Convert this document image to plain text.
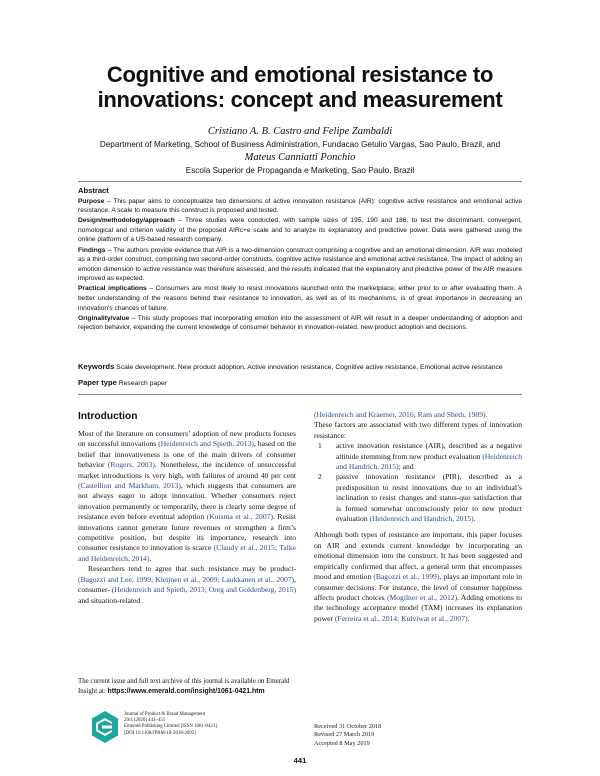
Cognitive and emotional resistance to
innovations: concept and measurement
Cristiano A. B. Castro and Felipe Zambaldi
Department of Marketing, School of Business Administration, Fundacao Getulio Vargas, Sao Paulo, Brazil, and
Mateus Canniatti Ponchio
Escola Superior de Propaganda e Marketing, Sao Paulo, Brazil
Abstract

Purpose – This paper aims to conceptualize two dimensions of active innovation resistance (AIR): cognitive active resistance and emotional active resistance. A scale to measure this construct is proposed and tested.

Design/methodology/approach – Three studies were conducted, with sample sizes of 195, 190 and 186, to test the discriminant, convergent, nomological and criterion validity of the proposed AIRc+e scale and to analyze its explanatory and predictive power. Data were gathered using the online platform of a US-based research company.

Findings – The authors provide evidence that AIR is a two-dimension construct comprising a cognitive and an emotional dimension. AIR was modeled as a third-order construct, comprising two second-order constructs, cognitive active resistance and emotional active resistance. The impact of adding an emotion dimension to active resistance was therefore assessed, and the results indicated that the explanatory and predictive power of the AIR measure improved as expected.

Practical implications – Consumers are most likely to resist innovations launched onto the marketplace, either prior to or after evaluating them. A better understanding of the reasons behind their resistance to innovation, as well as of its mechanisms, is of great importance in decreasing an innovation’s chances of failure.

Originality/value – This study proposes that incorporating emotion into the assessment of AIR will result in a deeper understanding of adoption and rejection behavior, expanding the current knowledge of consumer behavior in innovation-related, new product adoption and decisions.

Keywords Scale development, New product adoption, Active innovation resistance, Cognitive active resistance, Emotional active resistance
Paper type Research paper
Introduction

Most of the literature on consumers’ adoption of new products focuses on successful innovations (Heidenreich and Spieth, 2013), based on the belief that innovativeness is one of the main drivers of consumer behavior (Rogers, 2003). Nonetheless, the incidence of unsuccessful market introductions is very high, with failures of around 40 per cent (Castellion and Markham, 2013), which suggests that consumers are not always eager to adopt innovation. Whether consumers reject innovation permanently or temporarily, there is clearly some degree of resistance even before eventual adoption (Kuisma et al., 2007). Resist innovations cannot generate future revenues or strengthen a firm’s competitive position, but despite its importance, research into consumer resistance to innovation is scarce (Claudy et al., 2015; Talke and Heidenreich, 2014).

Researchers tend to agree that such resistance may be product- (Bagozzi and Lee, 1999; Kleijnen et al., 2009; Laukkanen et al., 2007), consumer- (Heidenreich and Spieth, 2013; Oreg and Goldenberg, 2015) and situation-related

(Heidenreich and Kraemer, 2016; Ram and Sheth, 1989).

These factors are associated with two different types of innovation resistance:

1 active innovation resistance (AIR), described as a negative attitude stemming from new product evaluation (Heidenreich and Handrich, 2015); and
2 passive innovation resistance (PIR), described as a predisposition to resist innovations due to an individual’s inclination to resist changes and status-quo satisfaction that is formed somewhat unconsciously prior to new product evaluation (Heidenreich and Handrich, 2015).

Although both types of resistance are important, this paper focuses on AIR and extends current knowledge by incorporating an emotional dimension into the construct. It has been suggested and empirically confirmed that affect, a general term that encompasses mood and emotion (Bagozzi et al., 1999), plays an important role in consumer decisions. For instance, the level of consumer happiness affects product choices (Mogilner et al., 2012). Adding emotions to the technology acceptance model (TAM) increases its explanation power (Ferreira et al., 2014; Kulviwat et al., 2007).

The current issue and full text archive of this journal is available on Emerald Insight at: https://www.emerald.com/insight/1061-0421.htm
Journal of Product & Brand Management
29/4 (2020) 441–455
Emerald Publishing Limited [ISSN 1061-0421]
[DOI 10.1108/JPBM-10-2018-2092]
Received 31 October 2018
Revised 27 March 2019
Accepted 8 May 2019
441
